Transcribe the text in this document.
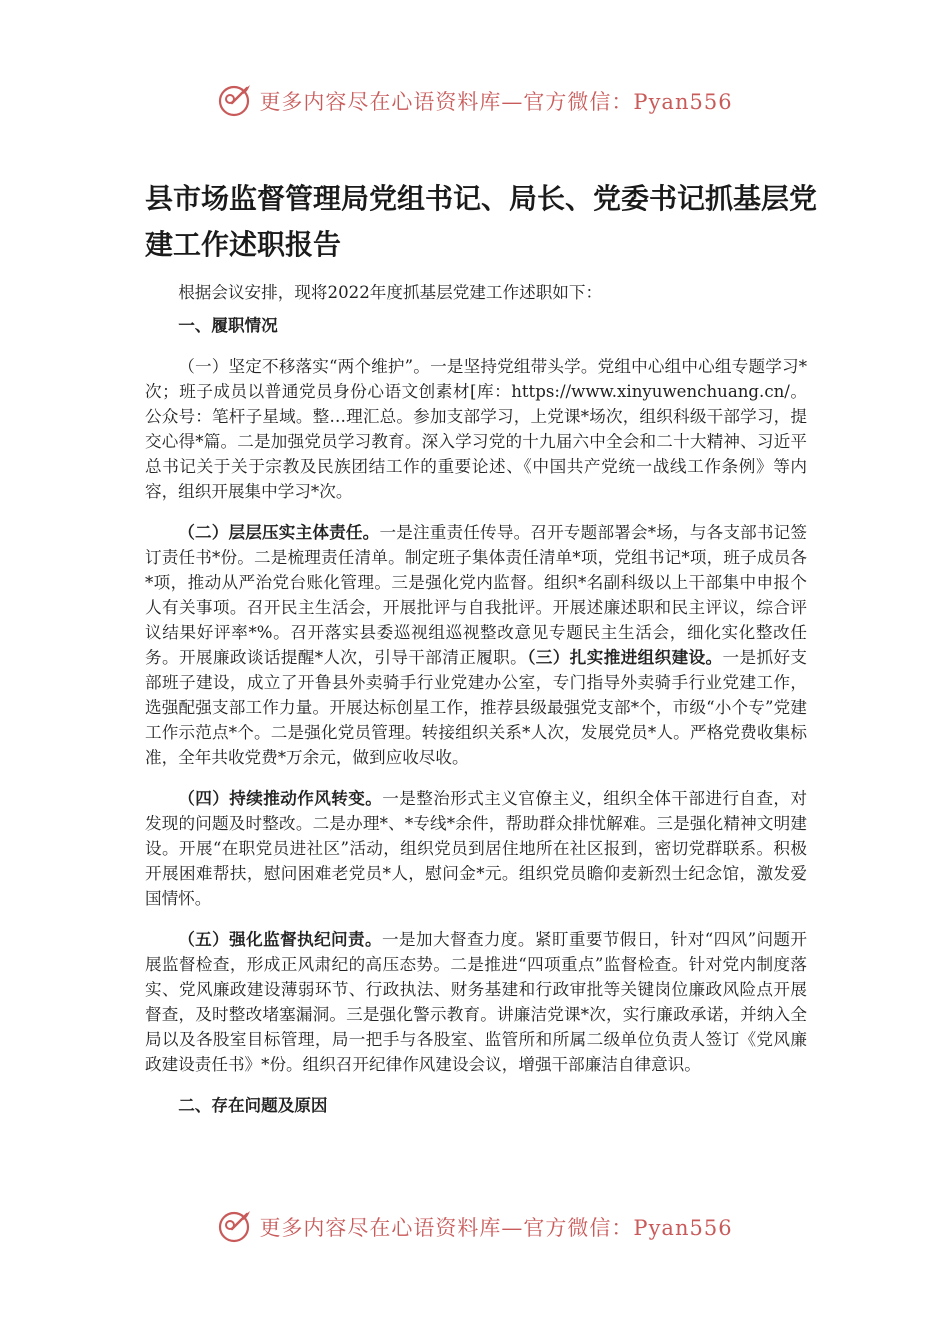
更多内容尽在心语资料库—官方微信：Pyan556
县市场监督管理局党组书记、局长、党委书记抓基层党建工作述职报告

根据会议安排，现将2022年度抓基层党建工作述职如下：

一、履职情况

（一）坚定不移落实“两个维护”。一是坚持党组带头学。党组中心组中心组专题学习*次；班子成员以普通党员身份心语文创素材[库：https://www.xinyuwenchuang.cn/。公众号：笔杆子星域。整…理汇总。参加支部学习，上党课*场次，组织科级干部学习，提交心得*篇。二是加强党员学习教育。深入学习党的十九届六中全会和二十大精神、习近平总书记关于关于宗教及民族团结工作的重要论述、《中国共产党统一战线工作条例》等内容，组织开展集中学习*次。

（二）层层压实主体责任。一是注重责任传导。召开专题部署会*场，与各支部书记签订责任书*份。二是梳理责任清单。制定班子集体责任清单*项，党组书记*项，班子成员各*项，推动从严治党台账化管理。三是强化党内监督。组织*名副科级以上干部集中申报个人有关事项。召开民主生活会，开展批评与自我批评。开展述廉述职和民主评议，综合评议结果好评率*%。召开落实县委巡视组巡视整改意见专题民主生活会，细化实化整改任务。开展廉政谈话提醒*人次，引导干部清正履职。（三）扎实推进组织建设。一是抓好支部班子建设，成立了开鲁县外卖骑手行业党建办公室，专门指导外卖骑手行业党建工作，选强配强支部工作力量。开展达标创星工作，推荐县级最强党支部*个，市级“小个专”党建工作示范点*个。二是强化党员管理。转接组织关系*人次，发展党员*人。严格党费收集标准，全年共收党费*万余元，做到应收尽收。

（四）持续推动作风转变。一是整治形式主义官僚主义，组织全体干部进行自查，对发现的问题及时整改。二是办理*、*专线*余件，帮助群众排忧解难。三是强化精神文明建设。开展“在职党员进社区”活动，组织党员到居住地所在社区报到，密切党群联系。积极开展困难帮扶，慰问困难老党员*人，慰问金*元。组织党员瞻仰麦新烈士纪念馆，激发爱国情怀。

（五）强化监督执纪问责。一是加大督查力度。紧盯重要节假日，针对“四风”问题开展监督检查，形成正风肃纪的高压态势。二是推进“四项重点”监督检查。针对党内制度落实、党风廉政建设薄弱环节、行政执法、财务基建和行政审批等关键岗位廉政风险点开展督查，及时整改堵塞漏洞。三是强化警示教育。讲廉洁党课*次，实行廉政承诺，并纳入全局以及各股室目标管理，局一把手与各股室、监管所和所属二级单位负责人签订《党风廉政建设责任书》*份。组织召开纪律作风建设会议，增强干部廉洁自律意识。

二、存在问题及原因

更多内容尽在心语资料库—官方微信：Pyan556
